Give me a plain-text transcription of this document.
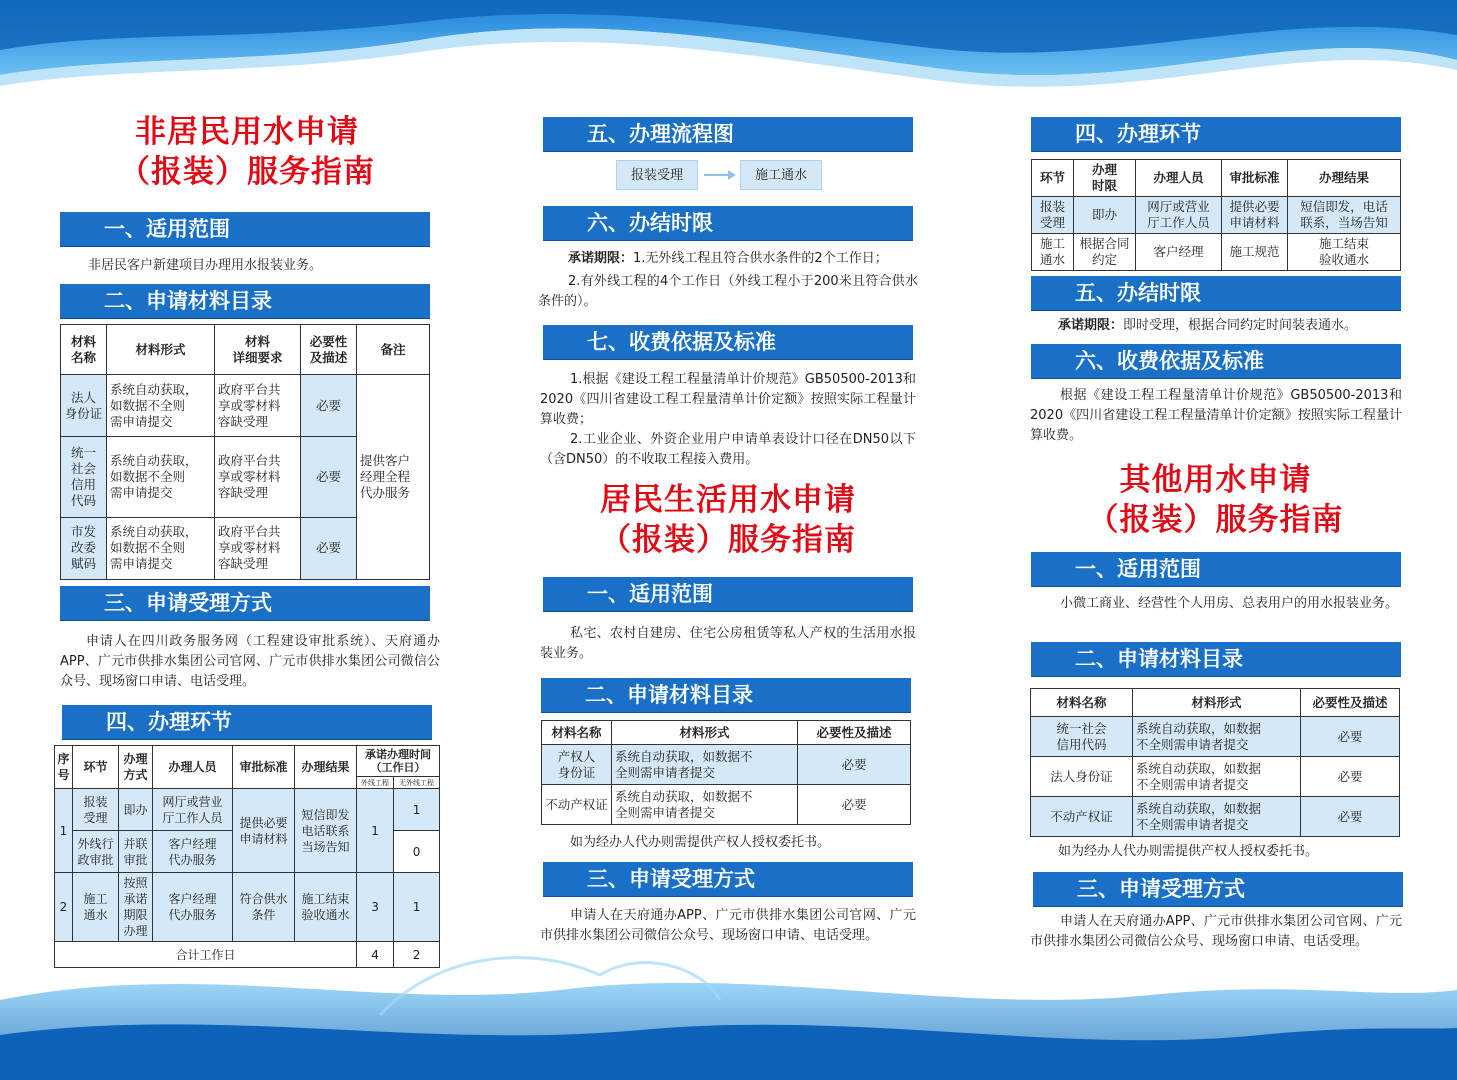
非居民用水申请
（报装）服务指南
一、适用范围
非居民客户新建项目办理用水报装业务。
二、申请材料目录
材料
名称	材料形式	材料
详细要求	必要性
及描述	备注
法人
身份证	系统自动获取，
如数据不全则
需申请提交	政府平台共
享或零材料
容缺受理	必要	提供客户
经理全程
代办服务
统一
社会
信用
代码	系统自动获取，
如数据不全则
需申请提交	政府平台共
享或零材料
容缺受理	必要	
市发
改委
赋码	系统自动获取，
如数据不全则
需申请提交	政府平台共
享或零材料
容缺受理	必要	
三、申请受理方式
申请人在四川政务服务网（工程建设审批系统）、天府通办APP、广元市供排水集团公司官网、广元市供排水集团公司微信公众号、现场窗口申请、电话受理。
四、办理环节
序号	环节	办理
方式	办理人员	审批标准	办理结果	承诺办理时间
（工作日）	
						外线工程	无外线工程
1	报装
受理	即办	网厅或营业
厅工作人员	提供必要
申请材料	短信即发
电话联系
当场告知	1	1
	外线行
政审批	并联
审批	客户经理
代办服务				0
2	施工
通水	按照
承诺
期限
办理	客户经理
代办服务	符合供水
条件	施工结束
验收通水	3	1
合计工作日						4	2
五、办理流程图
报装受理	施工通水
六、办结时限
承诺期限：1.无外线工程且符合供水条件的2个工作日；
2.有外线工程的4个工作日（外线工程小于200米且符合供水条件的）。
七、收费依据及标准
1.根据《建设工程工程量清单计价规范》GB50500-2013和2020《四川省建设工程工程量清单计价定额》按照实际工程量计算收费；
2.工业企业、外资企业用户申请单表设计口径在DN50以下（含DN50）的不收取工程接入费用。
居民生活用水申请
（报装）服务指南
一、适用范围
私宅、农村自建房、住宅公房租赁等私人产权的生活用水报装业务。
二、申请材料目录
材料名称	材料形式	必要性及描述
产权人
身份证	系统自动获取，如数据不
全则需申请者提交	必要
不动产权证	系统自动获取，如数据不
全则需申请者提交	必要
如为经办人代办则需提供产权人授权委托书。
三、申请受理方式
申请人在天府通办APP、广元市供排水集团公司官网、广元市供排水集团公司微信公众号、现场窗口申请、电话受理。
四、办理环节
环节	办理
时限	办理人员	审批标准	办理结果
报装
受理	即办	网厅或营业
厅工作人员	提供必要
申请材料	短信即发，电话
联系，当场告知
施工
通水	根据合同
约定	客户经理	施工规范	施工结束
验收通水
五、办结时限
承诺期限：即时受理，根据合同约定时间装表通水。
六、收费依据及标准
根据《建设工程工程量清单计价规范》GB50500-2013和2020《四川省建设工程工程量清单计价定额》按照实际工程量计算收费。
其他用水申请
（报装）服务指南
一、适用范围
小微工商业、经营性个人用房、总表用户的用水报装业务。
二、申请材料目录
材料名称	材料形式	必要性及描述
统一社会
信用代码	系统自动获取，如数据
不全则需申请者提交	必要
法人身份证	系统自动获取，如数据
不全则需申请者提交	必要
不动产权证	系统自动获取，如数据
不全则需申请者提交	必要
如为经办人代办则需提供产权人授权委托书。
三、申请受理方式
申请人在天府通办APP、广元市供排水集团公司官网、广元市供排水集团公司微信公众号、现场窗口申请、电话受理。
